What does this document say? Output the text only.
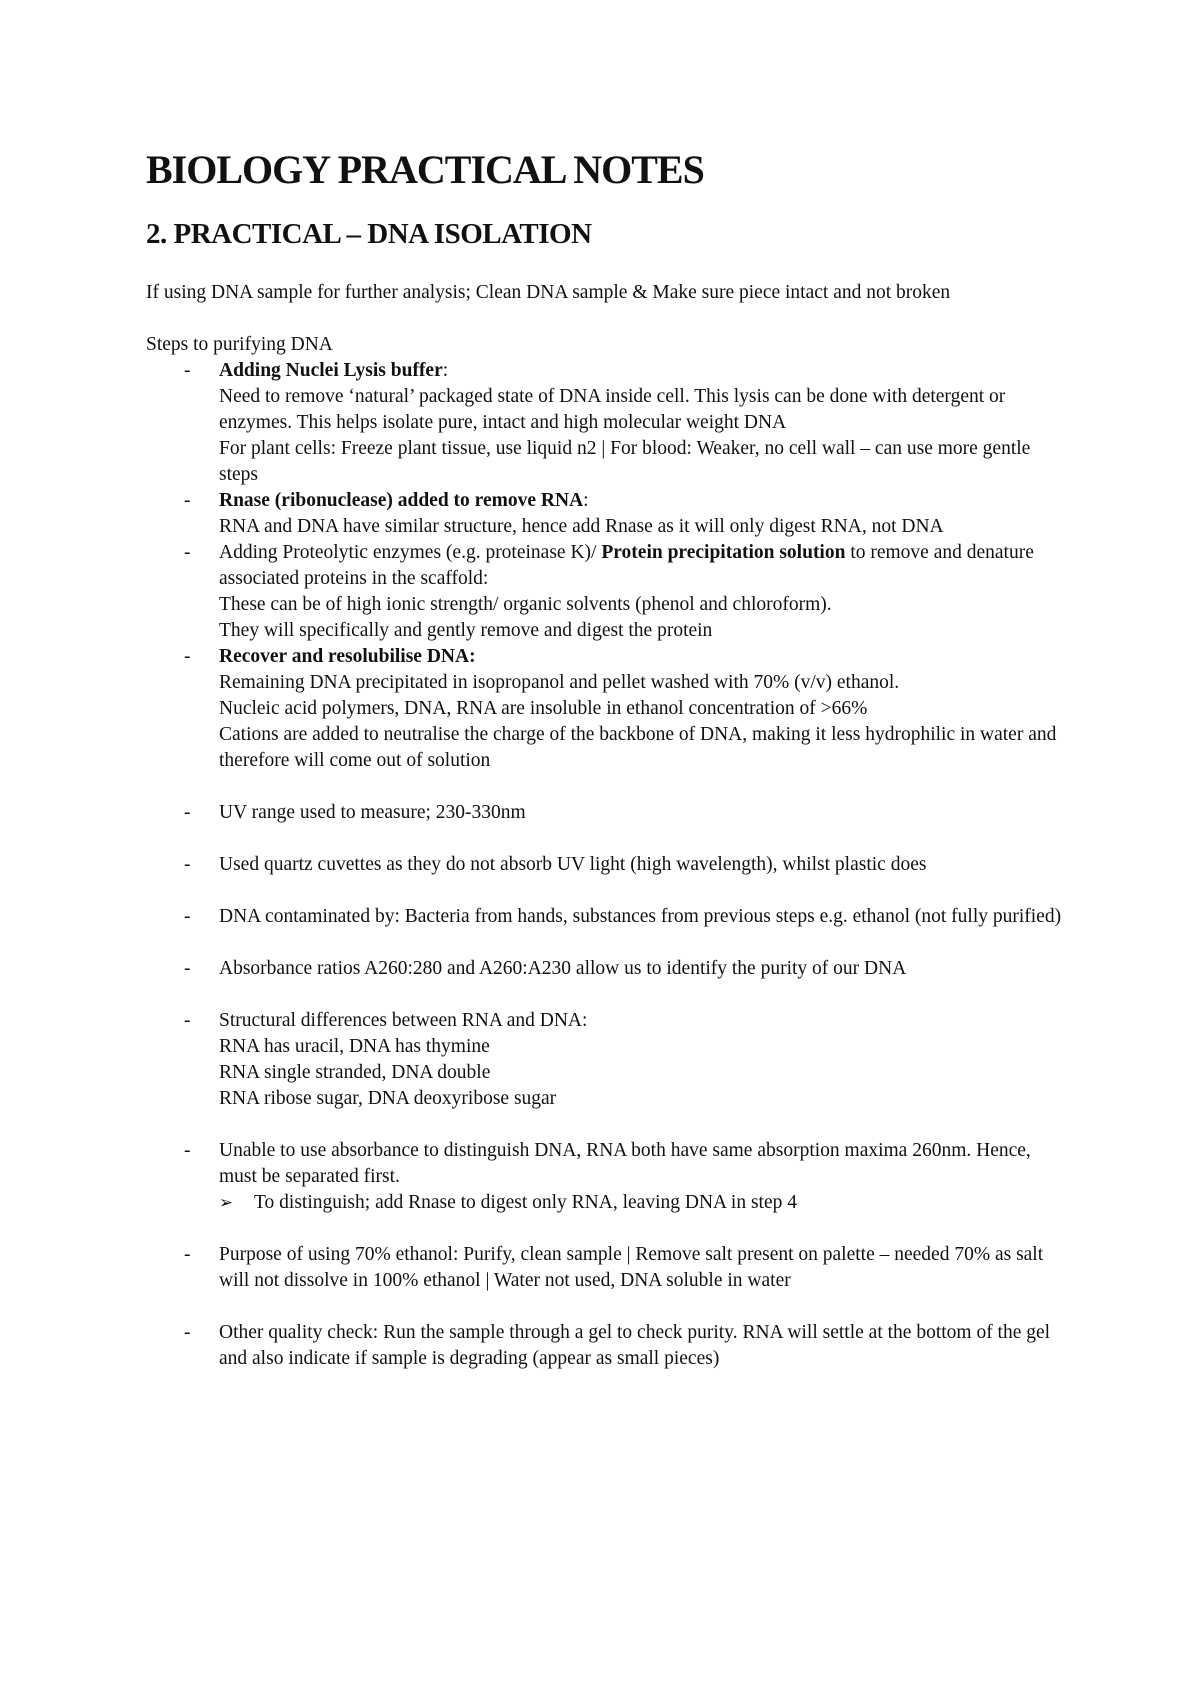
BIOLOGY PRACTICAL NOTES
2. PRACTICAL – DNA ISOLATION

If using DNA sample for further analysis; Clean DNA sample & Make sure piece intact and not broken

Steps to purifying DNA

- Adding Nuclei Lysis buffer:
Need to remove ‘natural’ packaged state of DNA inside cell. This lysis can be done with detergent or enzymes. This helps isolate pure, intact and high molecular weight DNA
For plant cells: Freeze plant tissue, use liquid n2 | For blood: Weaker, no cell wall – can use more gentle steps
- Rnase (ribonuclease) added to remove RNA:
RNA and DNA have similar structure, hence add Rnase as it will only digest RNA, not DNA
- Adding Proteolytic enzymes (e.g. proteinase K)/ Protein precipitation solution to remove and denature associated proteins in the scaffold:
These can be of high ionic strength/ organic solvents (phenol and chloroform).
They will specifically and gently remove and digest the protein
- Recover and resolubilise DNA:
Remaining DNA precipitated in isopropanol and pellet washed with 70% (v/v) ethanol.
Nucleic acid polymers, DNA, RNA are insoluble in ethanol concentration of >66%
Cations are added to neutralise the charge of the backbone of DNA, making it less hydrophilic in water and therefore will come out of solution
- UV range used to measure; 230-330nm
- Used quartz cuvettes as they do not absorb UV light (high wavelength), whilst plastic does
- DNA contaminated by: Bacteria from hands, substances from previous steps e.g. ethanol (not fully purified)
- Absorbance ratios A260:280 and A260:A230 allow us to identify the purity of our DNA
- Structural differences between RNA and DNA:
RNA has uracil, DNA has thymine
RNA single stranded, DNA double
RNA ribose sugar, DNA deoxyribose sugar
- Unable to use absorbance to distinguish DNA, RNA both have same absorption maxima 260nm. Hence, must be separated first.
➢ To distinguish; add Rnase to digest only RNA, leaving DNA in step 4
- Purpose of using 70% ethanol: Purify, clean sample | Remove salt present on palette – needed 70% as salt will not dissolve in 100% ethanol | Water not used, DNA soluble in water
- Other quality check: Run the sample through a gel to check purity. RNA will settle at the bottom of the gel and also indicate if sample is degrading (appear as small pieces)
